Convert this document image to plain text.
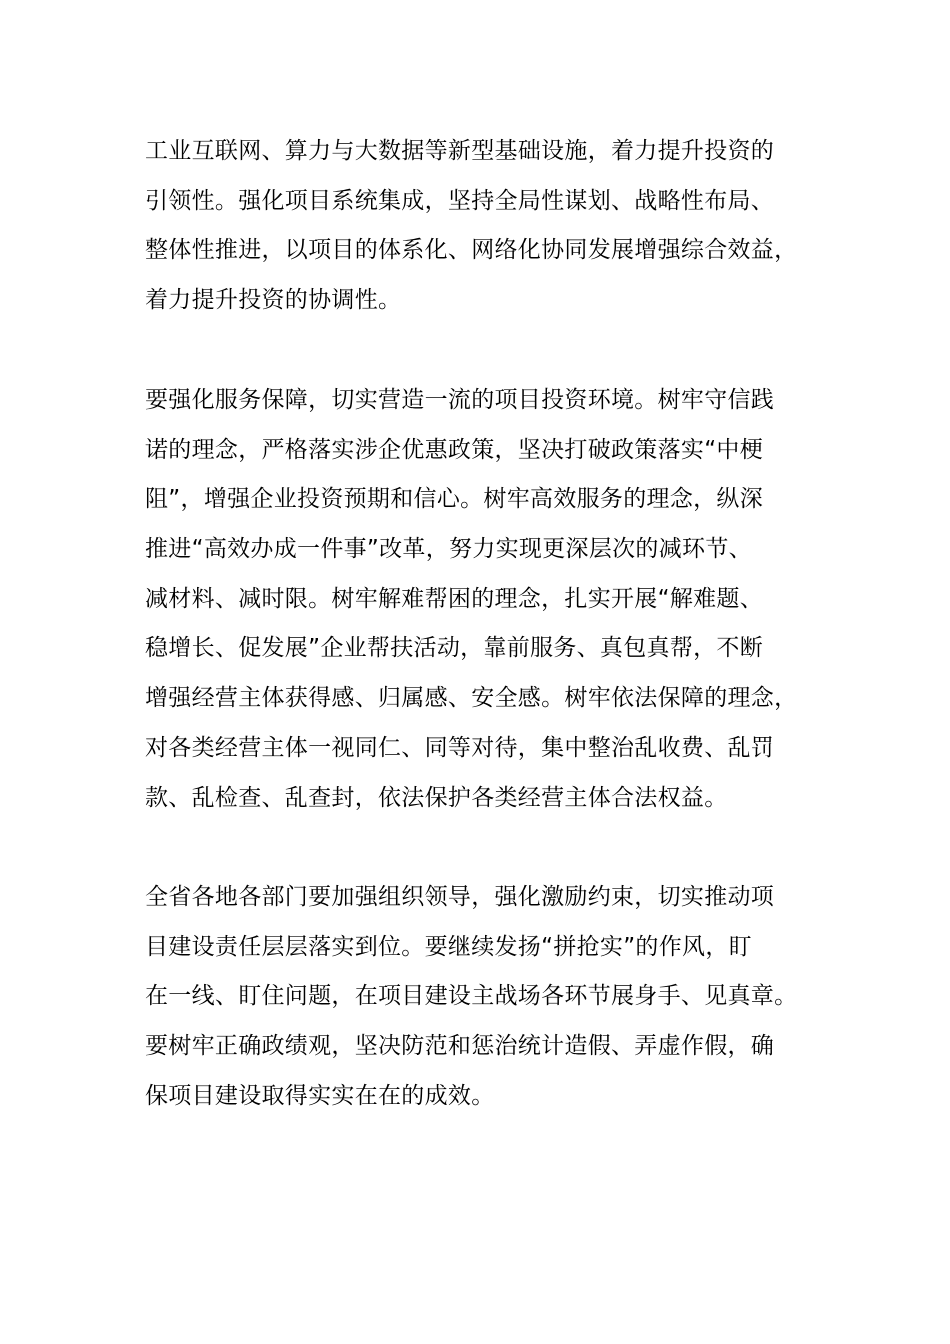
工业互联网、算力与大数据等新型基础设施，着力提升投资的
引领性。强化项目系统集成，坚持全局性谋划、战略性布局、
整体性推进，以项目的体系化、网络化协同发展增强综合效益，
着力提升投资的协调性。
要强化服务保障，切实营造一流的项目投资环境。树牢守信践
诺的理念，严格落实涉企优惠政策，坚决打破政策落实“中梗
阻”，增强企业投资预期和信心。树牢高效服务的理念，纵深
推进“高效办成一件事”改革，努力实现更深层次的减环节、
减材料、减时限。树牢解难帮困的理念，扎实开展“解难题、
稳增长、促发展”企业帮扶活动，靠前服务、真包真帮，不断
增强经营主体获得感、归属感、安全感。树牢依法保障的理念，
对各类经营主体一视同仁、同等对待，集中整治乱收费、乱罚
款、乱检查、乱查封，依法保护各类经营主体合法权益。
全省各地各部门要加强组织领导，强化激励约束，切实推动项
目建设责任层层落实到位。要继续发扬“拼抢实”的作风，盯
在一线、盯住问题，在项目建设主战场各环节展身手、见真章。
要树牢正确政绩观，坚决防范和惩治统计造假、弄虚作假，确
保项目建设取得实实在在的成效。
